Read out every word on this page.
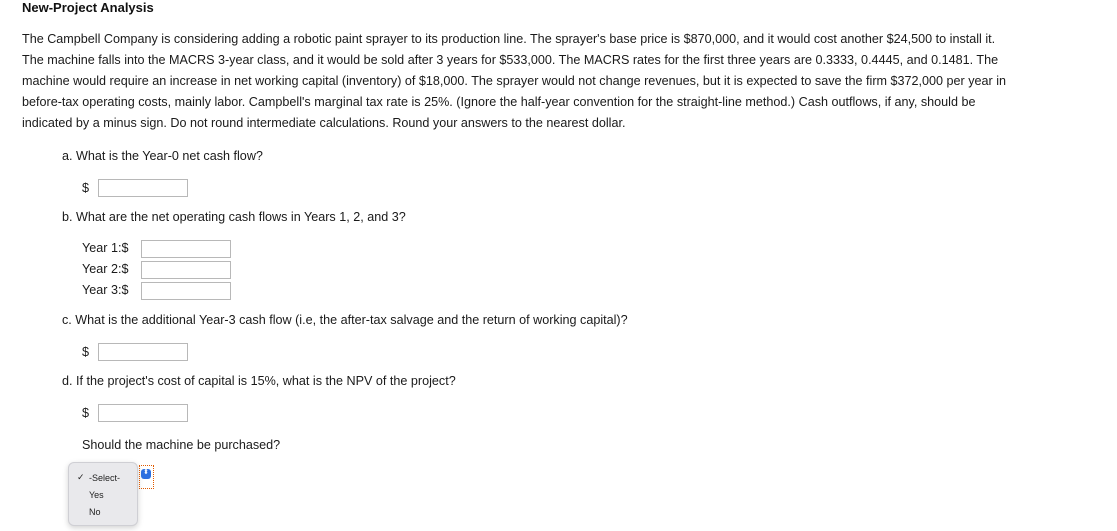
New-Project Analysis

The Campbell Company is considering adding a robotic paint sprayer to its production line. The sprayer's base price is $870,000, and it would cost another $24,500 to install it.

The machine falls into the MACRS 3-year class, and it would be sold after 3 years for $533,000. The MACRS rates for the first three years are 0.3333, 0.4445, and 0.1481. The

machine would require an increase in net working capital (inventory) of $18,000. The sprayer would not change revenues, but it is expected to save the firm $372,000 per year in

before-tax operating costs, mainly labor. Campbell's marginal tax rate is 25%. (Ignore the half-year convention for the straight-line method.) Cash outflows, if any, should be

indicated by a minus sign. Do not round intermediate calculations. Round your answers to the nearest dollar.

a. What is the Year-0 net cash flow?
$
b. What are the net operating cash flows in Years 1, 2, and 3?
Year 1:$
Year 2:$
Year 3:$
c. What is the additional Year-3 cash flow (i.e, the after-tax salvage and the return of working capital)?
$
d. If the project's cost of capital is 15%, what is the NPV of the project?
$
Should the machine be purchased?
✓ -Select-
Yes
No
⬍
